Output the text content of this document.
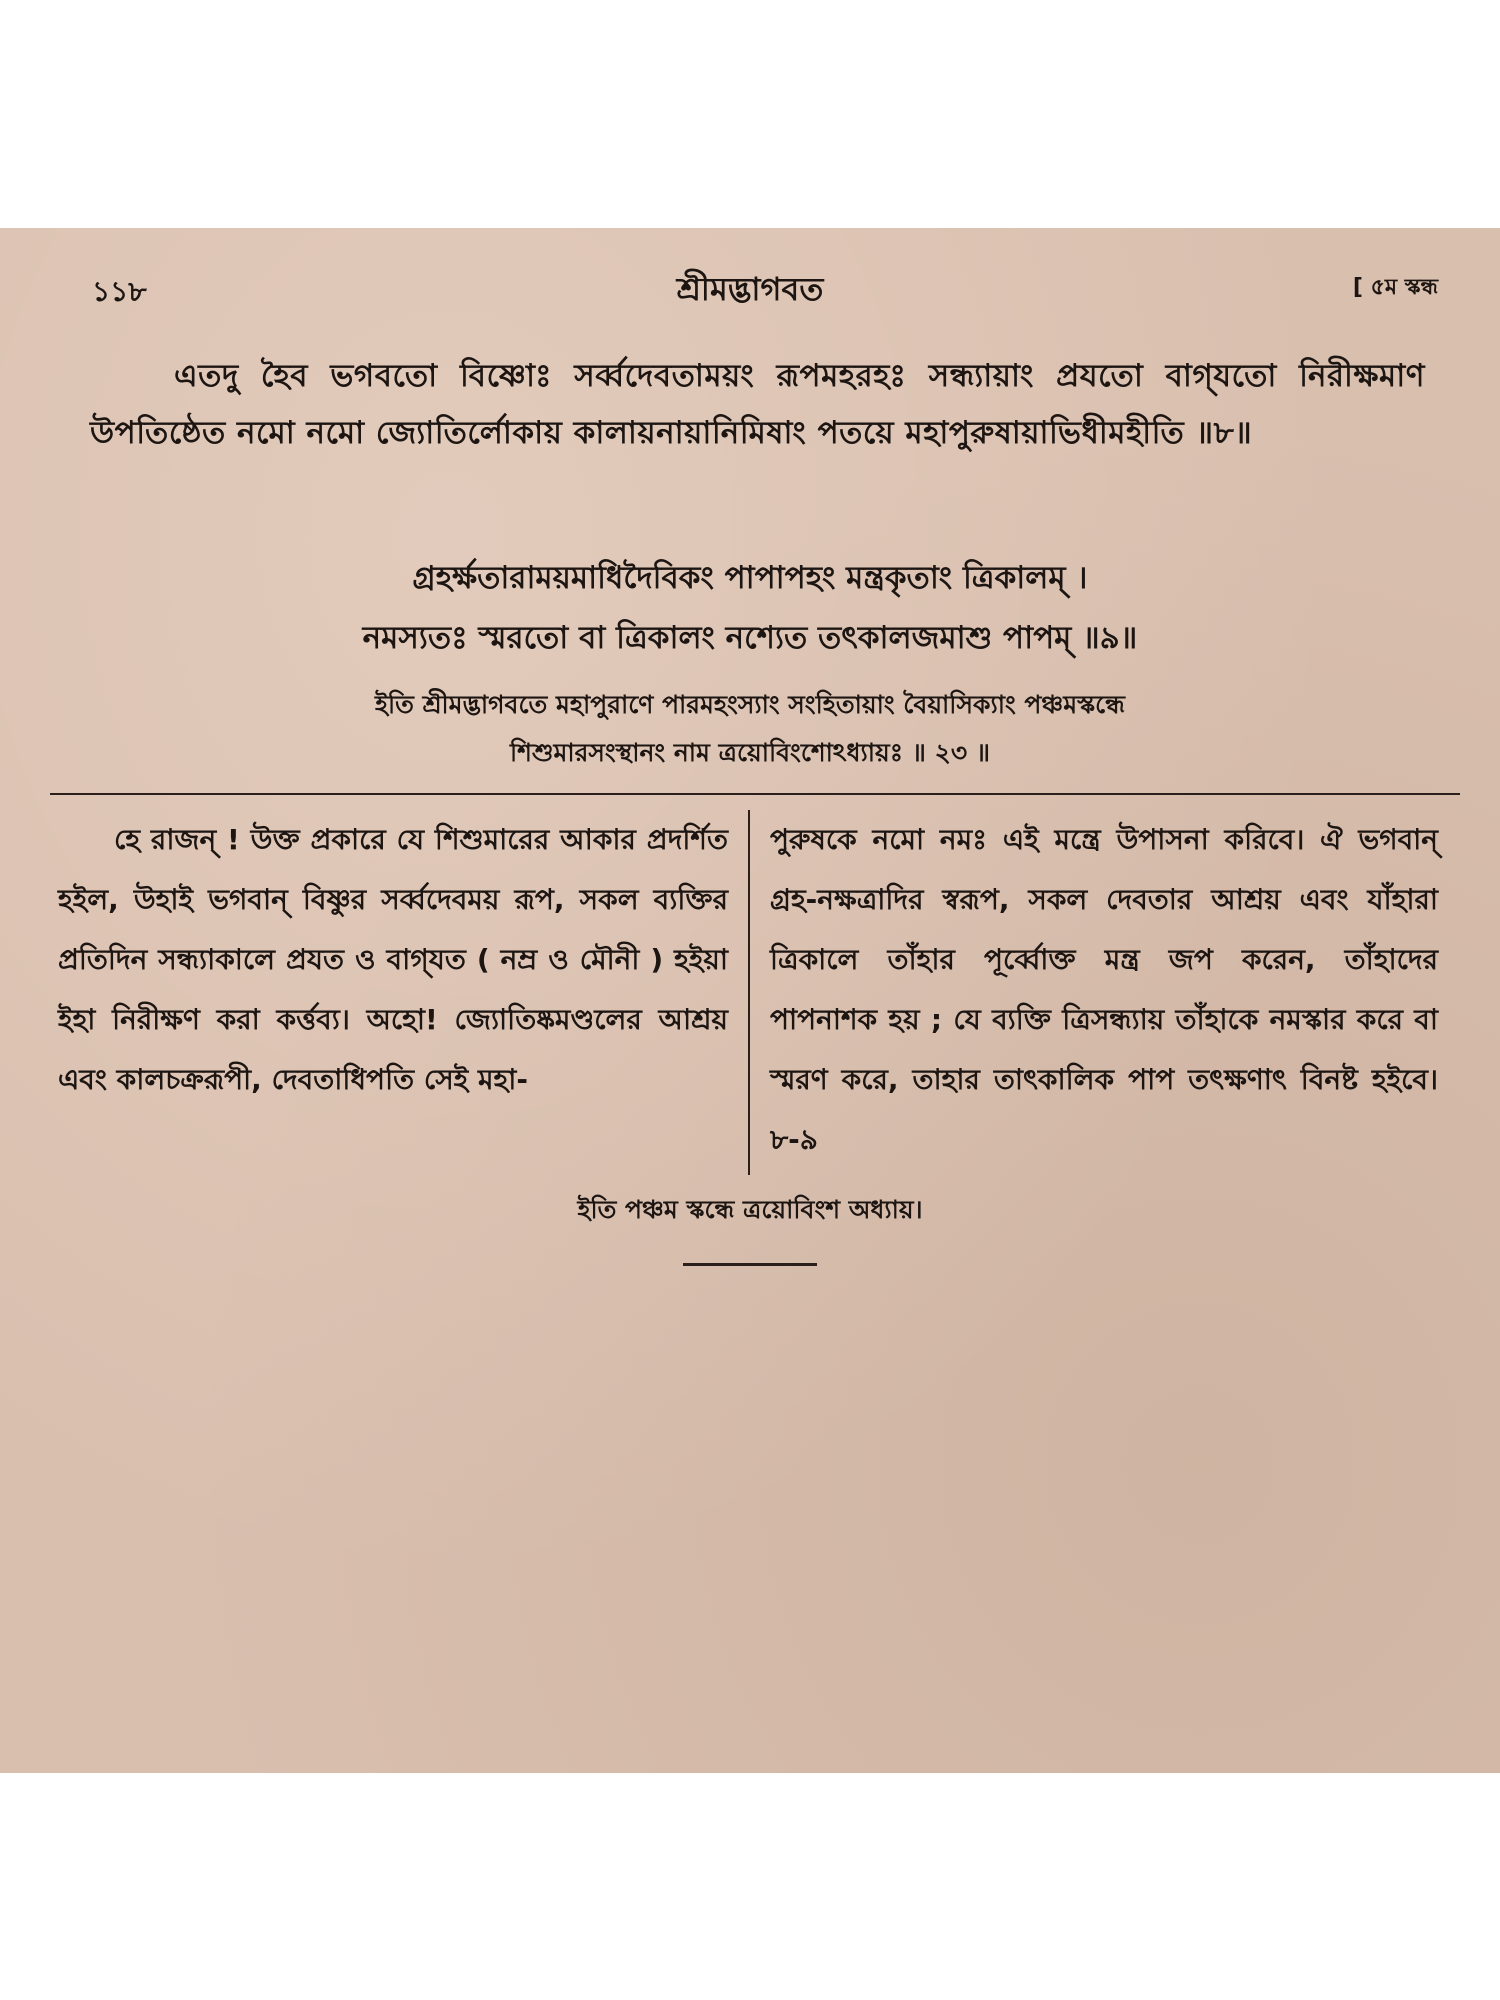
১১৮	শ্রীমদ্ভাগবত	[ ৫ম স্কন্ধ

এতদু হৈব ভগবতো বিষ্ণোঃ সর্ব্বদেবতাময়ং রূপমহরহঃ সন্ধ্যায়াং প্রযতো বাগ্‌যতো নিরীক্ষমাণ উপতিষ্ঠেত নমো নমো জ্যোতির্লোকায় কালায়নায়ানিমিষাং পতয়ে মহাপুরুষায়াভিধীমহীতি ॥৮॥

গ্রহর্ক্ষতারাময়মাধিদৈবিকং পাপাপহং মন্ত্রকৃতাং ত্রিকালম্ ।
নমস্যতঃ স্মরতো বা ত্রিকালং নশ্যেত তৎকালজমাশু পাপম্ ॥৯॥
ইতি শ্রীমদ্ভাগবতে মহাপুরাণে পারমহংস্যাং সংহিতায়াং বৈয়াসিক্যাং পঞ্চমস্কন্ধে
শিশুমারসংস্থানং নাম ত্রয়োবিংশোঽধ্যায়ঃ ॥ ২৩ ॥

হে রাজন্ ! উক্ত প্রকারে যে শিশুমারের আকার প্রদর্শিত হইল, উহাই ভগবান্ বিষ্ণুর সর্ব্বদেবময় রূপ, সকল ব্যক্তির প্রতিদিন সন্ধ্যাকালে প্রযত ও বাগ্‌যত ( নম্র ও মৌনী ) হইয়া ইহা নিরীক্ষণ করা কর্ত্তব্য। অহো! জ্যোতিষ্কমণ্ডলের আশ্রয় এবং কালচক্ররূপী, দেবতাধিপতি সেই মহা-

পুরুষকে নমো নমঃ এই মন্ত্রে উপাসনা করিবে। ঐ ভগবান্ গ্রহ-নক্ষত্রাদির স্বরূপ, সকল দেবতার আশ্রয় এবং যাঁহারা ত্রিকালে তাঁহার পূর্ব্বোক্ত মন্ত্র জপ করেন, তাঁহাদের পাপনাশক হয় ; যে ব্যক্তি ত্রিসন্ধ্যায় তাঁহাকে নমস্কার করে বা স্মরণ করে, তাহার তাৎকালিক পাপ তৎক্ষণাৎ বিনষ্ট হইবে। ৮-৯

ইতি পঞ্চম স্কন্ধে ত্রয়োবিংশ অধ্যায়।
